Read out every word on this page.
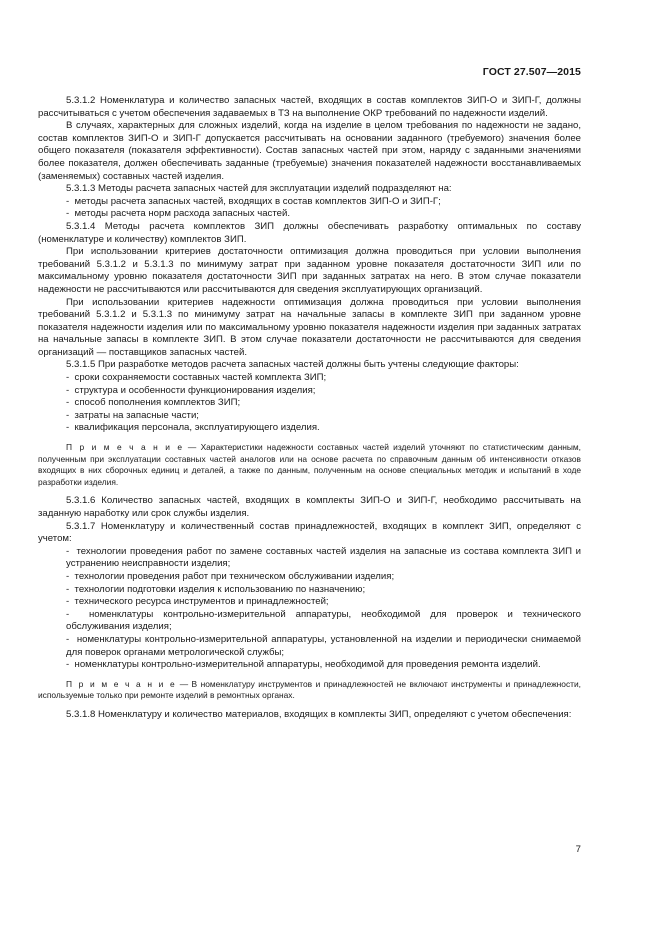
ГОСТ 27.507—2015

5.3.1.2 Номенклатура и количество запасных частей, входящих в состав комплектов ЗИП-О и ЗИП-Г, должны рассчитываться с учетом обеспечения задаваемых в ТЗ на выполнение ОКР требований по надежности изделий.

В случаях, характерных для сложных изделий, когда на изделие в целом требования по надежности не задано, состав комплектов ЗИП-О и ЗИП-Г допускается рассчитывать на основании заданного (требуемого) значения более общего показателя (показателя эффективности). Состав запасных частей при этом, наряду с заданными значениями более показателя, должен обеспечивать заданные (требуемые) значения показателей надежности восстанавливаемых (заменяемых) составных частей изделия.

5.3.1.3 Методы расчета запасных частей для эксплуатации изделий подразделяют на:

- методы расчета запасных частей, входящих в состав комплектов ЗИП-О и ЗИП-Г;

- методы расчета норм расхода запасных частей.

5.3.1.4 Методы расчета комплектов ЗИП должны обеспечивать разработку оптимальных по составу (номенклатуре и количеству) комплектов ЗИП.

При использовании критериев достаточности оптимизация должна проводиться при условии выполнения требований 5.3.1.2 и 5.3.1.3 по минимуму затрат при заданном уровне показателя достаточности ЗИП или по максимальному уровню показателя достаточности ЗИП при заданных затратах на него. В этом случае показатели надежности не рассчитываются или рассчитываются для сведения эксплуатирующих организаций.

При использовании критериев надежности оптимизация должна проводиться при условии выполнения требований 5.3.1.2 и 5.3.1.3 по минимуму затрат на начальные запасы в комплекте ЗИП при заданном уровне показателя надежности изделия или по максимальному уровню показателя надежности изделия при заданных затратах на начальные запасы в комплекте ЗИП. В этом случае показатели достаточности не рассчитываются для сведения организаций — поставщиков запасных частей.

5.3.1.5 При разработке методов расчета запасных частей должны быть учтены следующие факторы:

- сроки сохраняемости составных частей комплекта ЗИП;

- структура и особенности функционирования изделия;

- способ пополнения комплектов ЗИП;

- затраты на запасные части;

- квалификация персонала, эксплуатирующего изделия.

П р и м е ч а н и е — Характеристики надежности составных частей изделий уточняют по статистическим данным, полученным при эксплуатации составных частей аналогов или на основе расчета по справочным данным об интенсивности отказов входящих в них сборочных единиц и деталей, а также по данным, полученным на основе специальных методик и испытаний в ходе разработки изделия.

5.3.1.6 Количество запасных частей, входящих в комплекты ЗИП-О и ЗИП-Г, необходимо рассчитывать на заданную наработку или срок службы изделия.

5.3.1.7 Номенклатуру и количественный состав принадлежностей, входящих в комплект ЗИП, определяют с учетом:

- технологии проведения работ по замене составных частей изделия на запасные из состава комплекта ЗИП и устранению неисправности изделия;

- технологии проведения работ при техническом обслуживании изделия;

- технологии подготовки изделия к использованию по назначению;

- технического ресурса инструментов и принадлежностей;

- номенклатуры контрольно-измерительной аппаратуры, необходимой для проверок и технического обслуживания изделия;

- номенклатуры контрольно-измерительной аппаратуры, установленной на изделии и периодически снимаемой для поверок органами метрологической службы;

- номенклатуры контрольно-измерительной аппаратуры, необходимой для проведения ремонта изделий.

П р и м е ч а н и е — В номенклатуру инструментов и принадлежностей не включают инструменты и принадлежности, используемые только при ремонте изделий в ремонтных органах.

5.3.1.8 Номенклатуру и количество материалов, входящих в комплекты ЗИП, определяют с учетом обеспечения:

7
